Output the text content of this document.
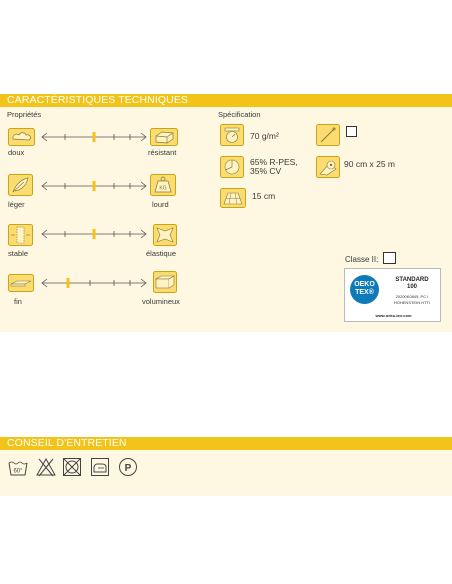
CARACTÉRISTIQUES TECHNIQUES
Propriétés	Spécification
doux	résistant
KG
léger	lourd
stable	élastique
fin	volumineux
70 g/m²
65% R-PES,
35% CV
15 cm
90 cm x 25 m
Classe II:
OEKO
TEX®
STANDARD
100
20200K0845, PC I
HOHENSTEIN HTTI
www.oeko-tex.com
CONSEIL D'ENTRETIEN
60°	P
